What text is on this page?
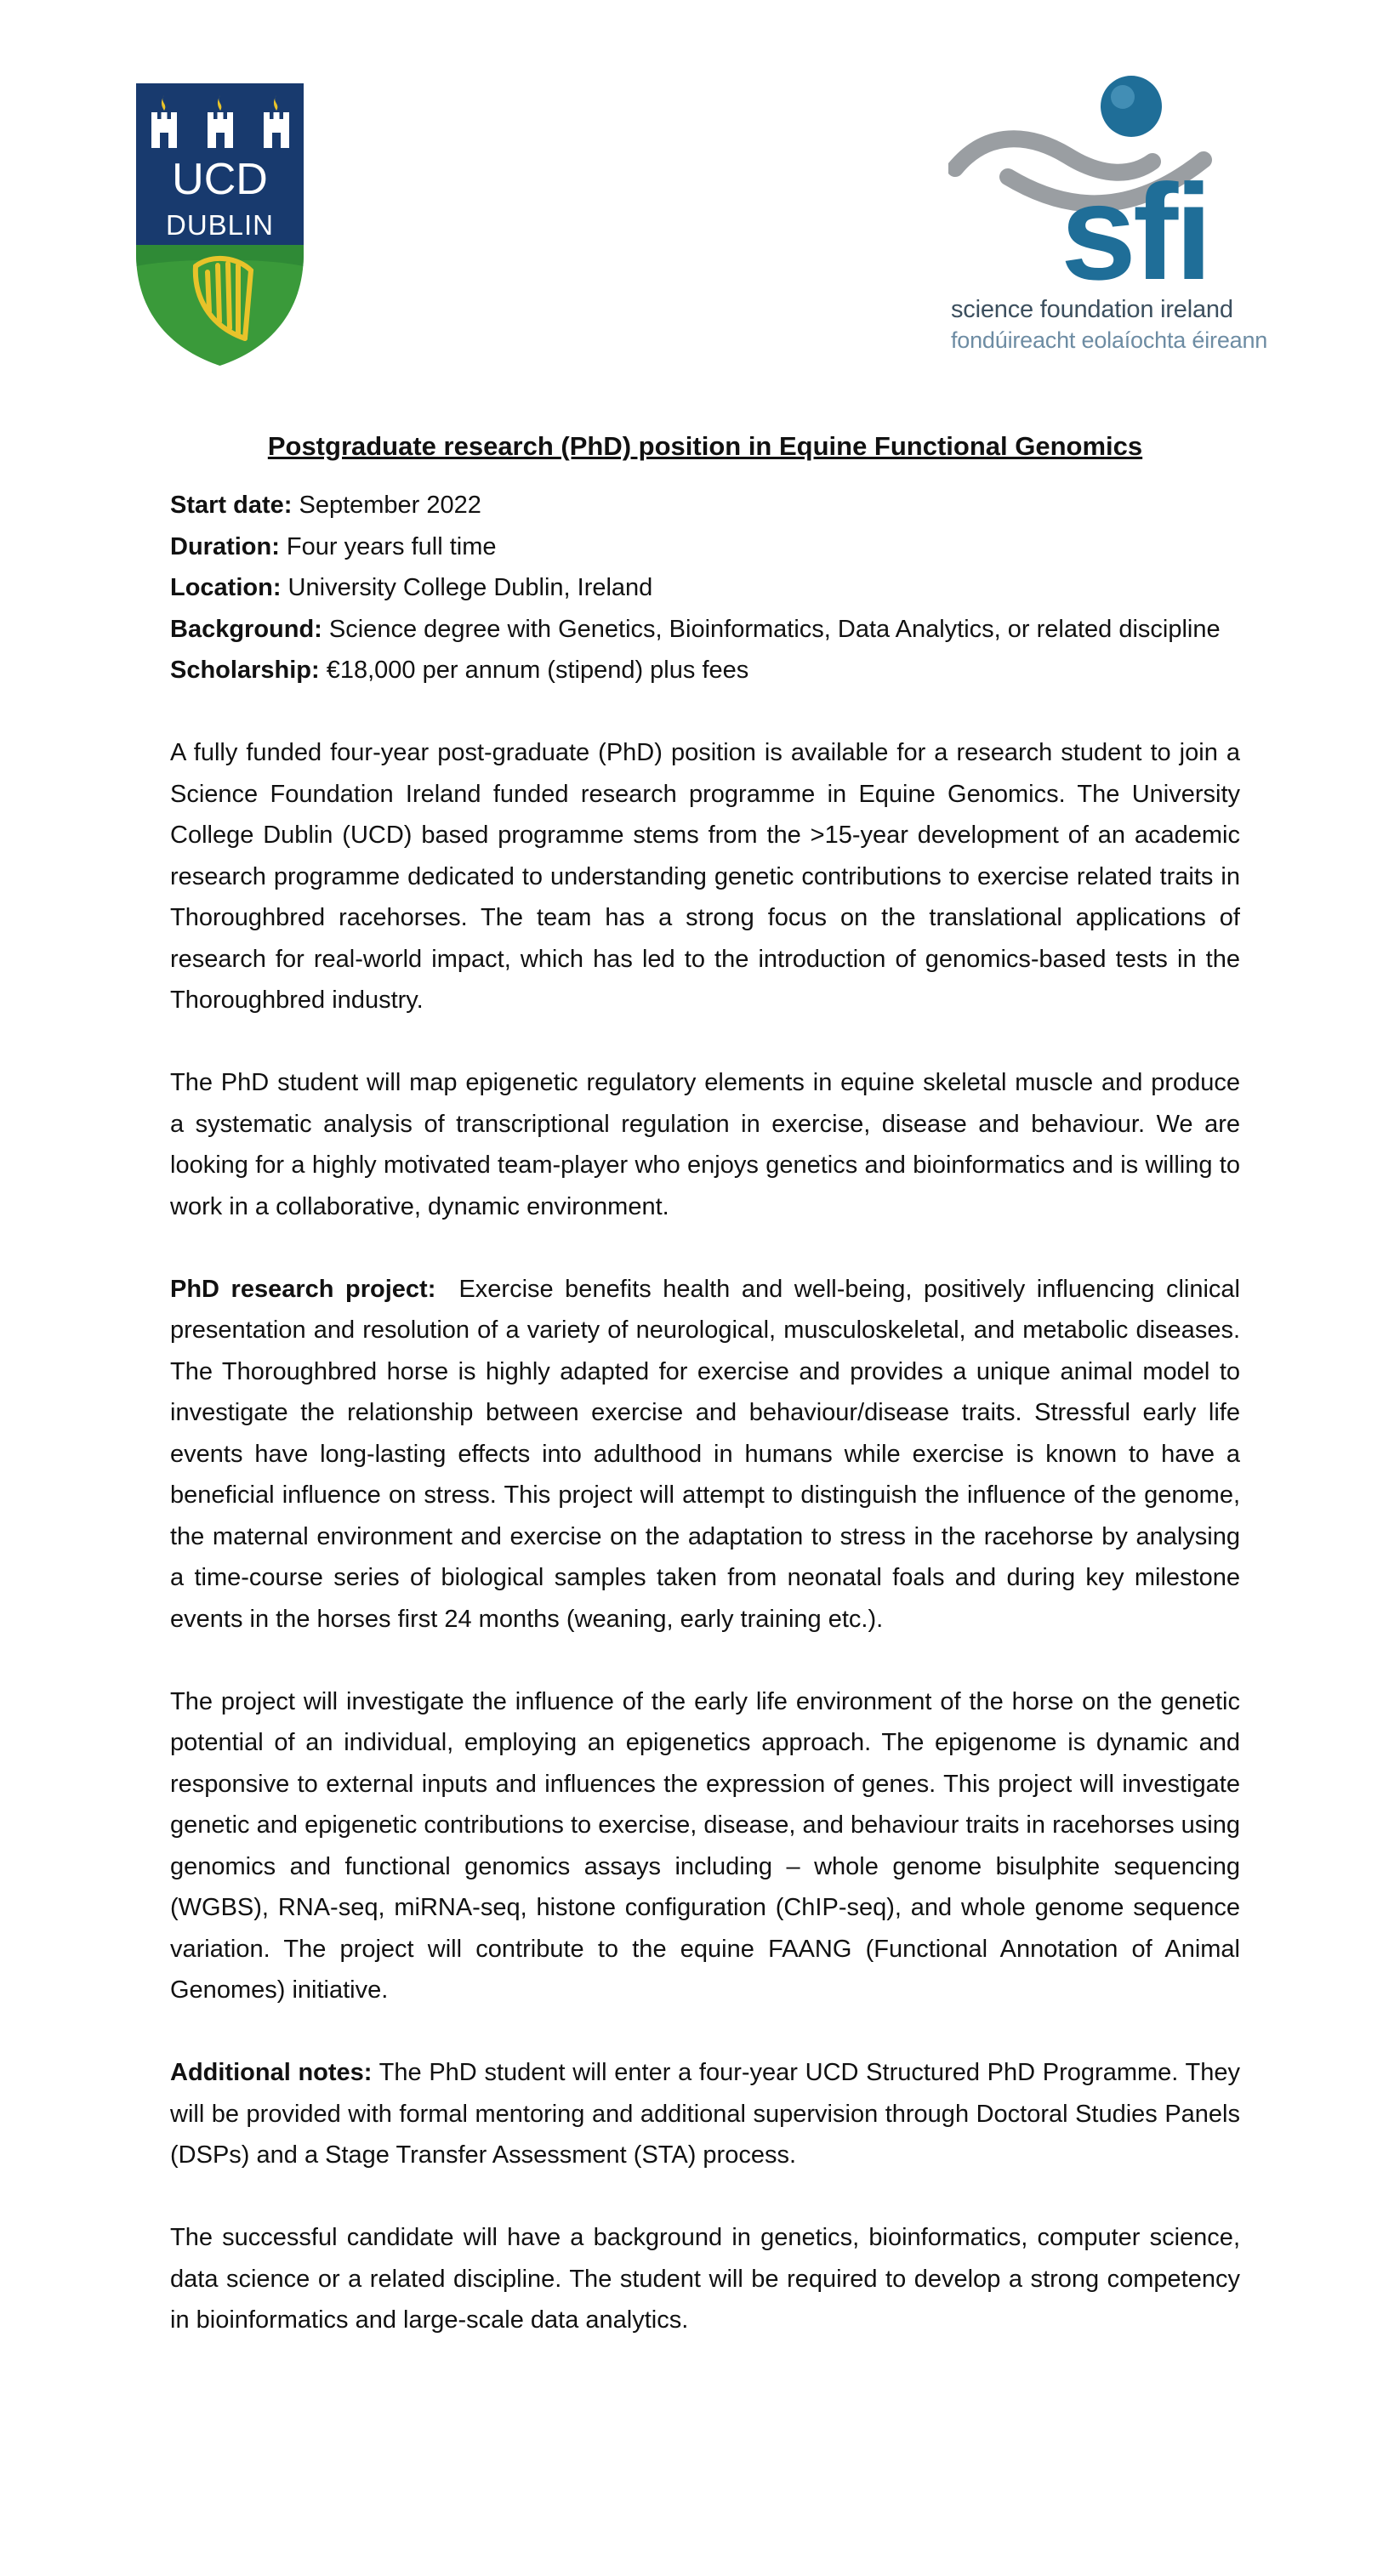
UCD
DUBLIN	sfi
science foundation ireland
fondúireacht eolaíochta éireann
Postgraduate research (PhD) position in Equine Functional Genomics
Start date: September 2022
Duration: Four years full time
Location: University College Dublin, Ireland
Background: Science degree with Genetics, Bioinformatics, Data Analytics, or related discipline
Scholarship: €18,000 per annum (stipend) plus fees

A fully funded four-year post-graduate (PhD) position is available for a research student to join a Science Foundation Ireland funded research programme in Equine Genomics. The University College Dublin (UCD) based programme stems from the >15-year development of an academic research programme dedicated to understanding genetic contributions to exercise related traits in Thoroughbred racehorses. The team has a strong focus on the translational applications of research for real-world impact, which has led to the introduction of genomics-based tests in the Thoroughbred industry.

The PhD student will map epigenetic regulatory elements in equine skeletal muscle and produce a systematic analysis of transcriptional regulation in exercise, disease and behaviour. We are looking for a highly motivated team-player who enjoys genetics and bioinformatics and is willing to work in a collaborative, dynamic environment.

PhD research project:  Exercise benefits health and well-being, positively influencing clinical presentation and resolution of a variety of neurological, musculoskeletal, and metabolic diseases. The Thoroughbred horse is highly adapted for exercise and provides a unique animal model to investigate the relationship between exercise and behaviour/disease traits. Stressful early life events have long-lasting effects into adulthood in humans while exercise is known to have a beneficial influence on stress. This project will attempt to distinguish the influence of the genome, the maternal environment and exercise on the adaptation to stress in the racehorse by analysing a time-course series of biological samples taken from neonatal foals and during key milestone events in the horses first 24 months (weaning, early training etc.).

The project will investigate the influence of the early life environment of the horse on the genetic potential of an individual, employing an epigenetics approach. The epigenome is dynamic and responsive to external inputs and influences the expression of genes. This project will investigate genetic and epigenetic contributions to exercise, disease, and behaviour traits in racehorses using genomics and functional genomics assays including – whole genome bisulphite sequencing (WGBS), RNA-seq, miRNA-seq, histone configuration (ChIP-seq), and whole genome sequence variation. The project will contribute to the equine FAANG (Functional Annotation of Animal Genomes) initiative.

Additional notes: The PhD student will enter a four-year UCD Structured PhD Programme. They will be provided with formal mentoring and additional supervision through Doctoral Studies Panels (DSPs) and a Stage Transfer Assessment (STA) process.

The successful candidate will have a background in genetics, bioinformatics, computer science, data science or a related discipline. The student will be required to develop a strong competency in bioinformatics and large-scale data analytics.
